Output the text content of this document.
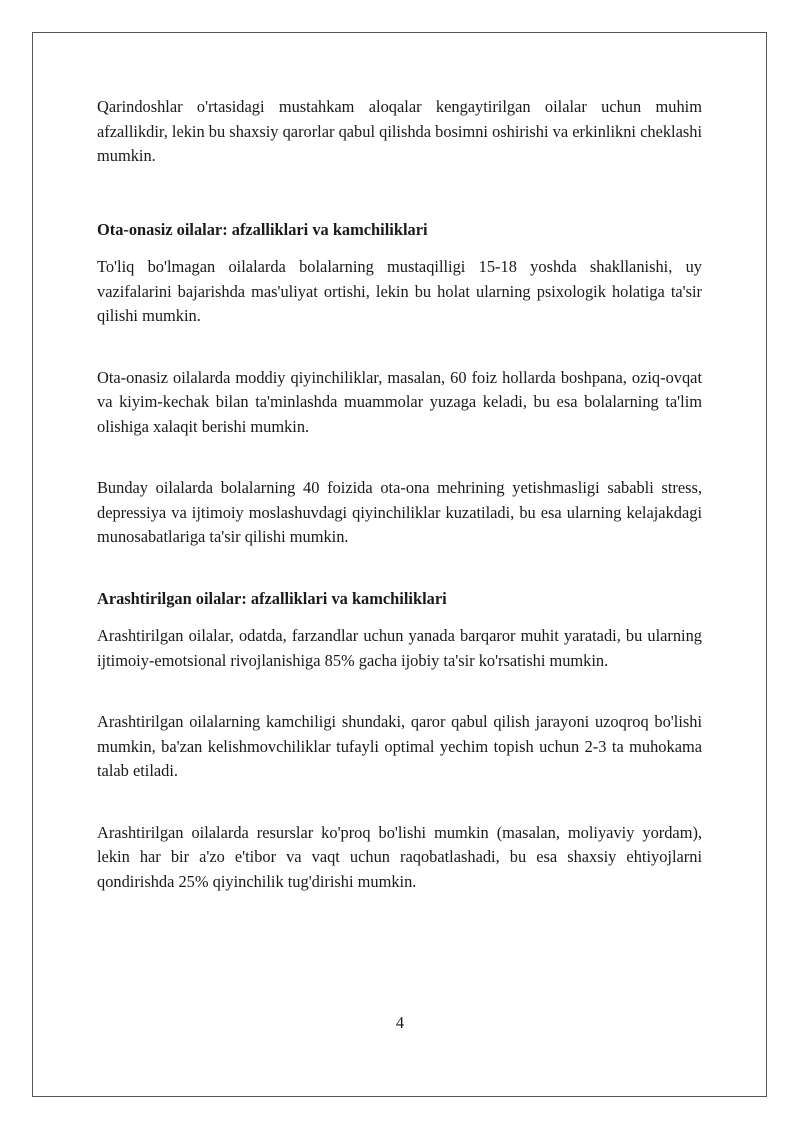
Qarindoshlar o'rtasidagi mustahkam aloqalar kengaytirilgan oilalar uchun muhim afzallikdir, lekin bu shaxsiy qarorlar qabul qilishda bosimni oshirishi va erkinlikni cheklashi mumkin.

Ota-onasiz oilalar: afzalliklari va kamchiliklari

To'liq bo'lmagan oilalarda bolalarning mustaqilligi 15-18 yoshda shakllanishi, uy vazifalarini bajarishda mas'uliyat ortishi, lekin bu holat ularning psixologik holatiga ta'sir qilishi mumkin.

Ota-onasiz oilalarda moddiy qiyinchiliklar, masalan, 60 foiz hollarda boshpana, oziq-ovqat va kiyim-kechak bilan ta'minlashda muammolar yuzaga keladi, bu esa bolalarning ta'lim olishiga xalaqit berishi mumkin.

Bunday oilalarda bolalarning 40 foizida ota-ona mehrining yetishmasligi sababli stress, depressiya va ijtimoiy moslashuvdagi qiyinchiliklar kuzatiladi, bu esa ularning kelajakdagi munosabatlariga ta'sir qilishi mumkin.

Arashtirilgan oilalar: afzalliklari va kamchiliklari

Arashtirilgan oilalar, odatda, farzandlar uchun yanada barqaror muhit yaratadi, bu ularning ijtimoiy-emotsional rivojlanishiga 85% gacha ijobiy ta'sir ko'rsatishi mumkin.

Arashtirilgan oilalarning kamchiligi shundaki, qaror qabul qilish jarayoni uzoqroq bo'lishi mumkin, ba'zan kelishmovchiliklar tufayli optimal yechim topish uchun 2-3 ta muhokama talab etiladi.

Arashtirilgan oilalarda resurslar ko'proq bo'lishi mumkin (masalan, moliyaviy yordam), lekin har bir a'zo e'tibor va vaqt uchun raqobatlashadi, bu esa shaxsiy ehtiyojlarni qondirishda 25% qiyinchilik tug'dirishi mumkin.

4
